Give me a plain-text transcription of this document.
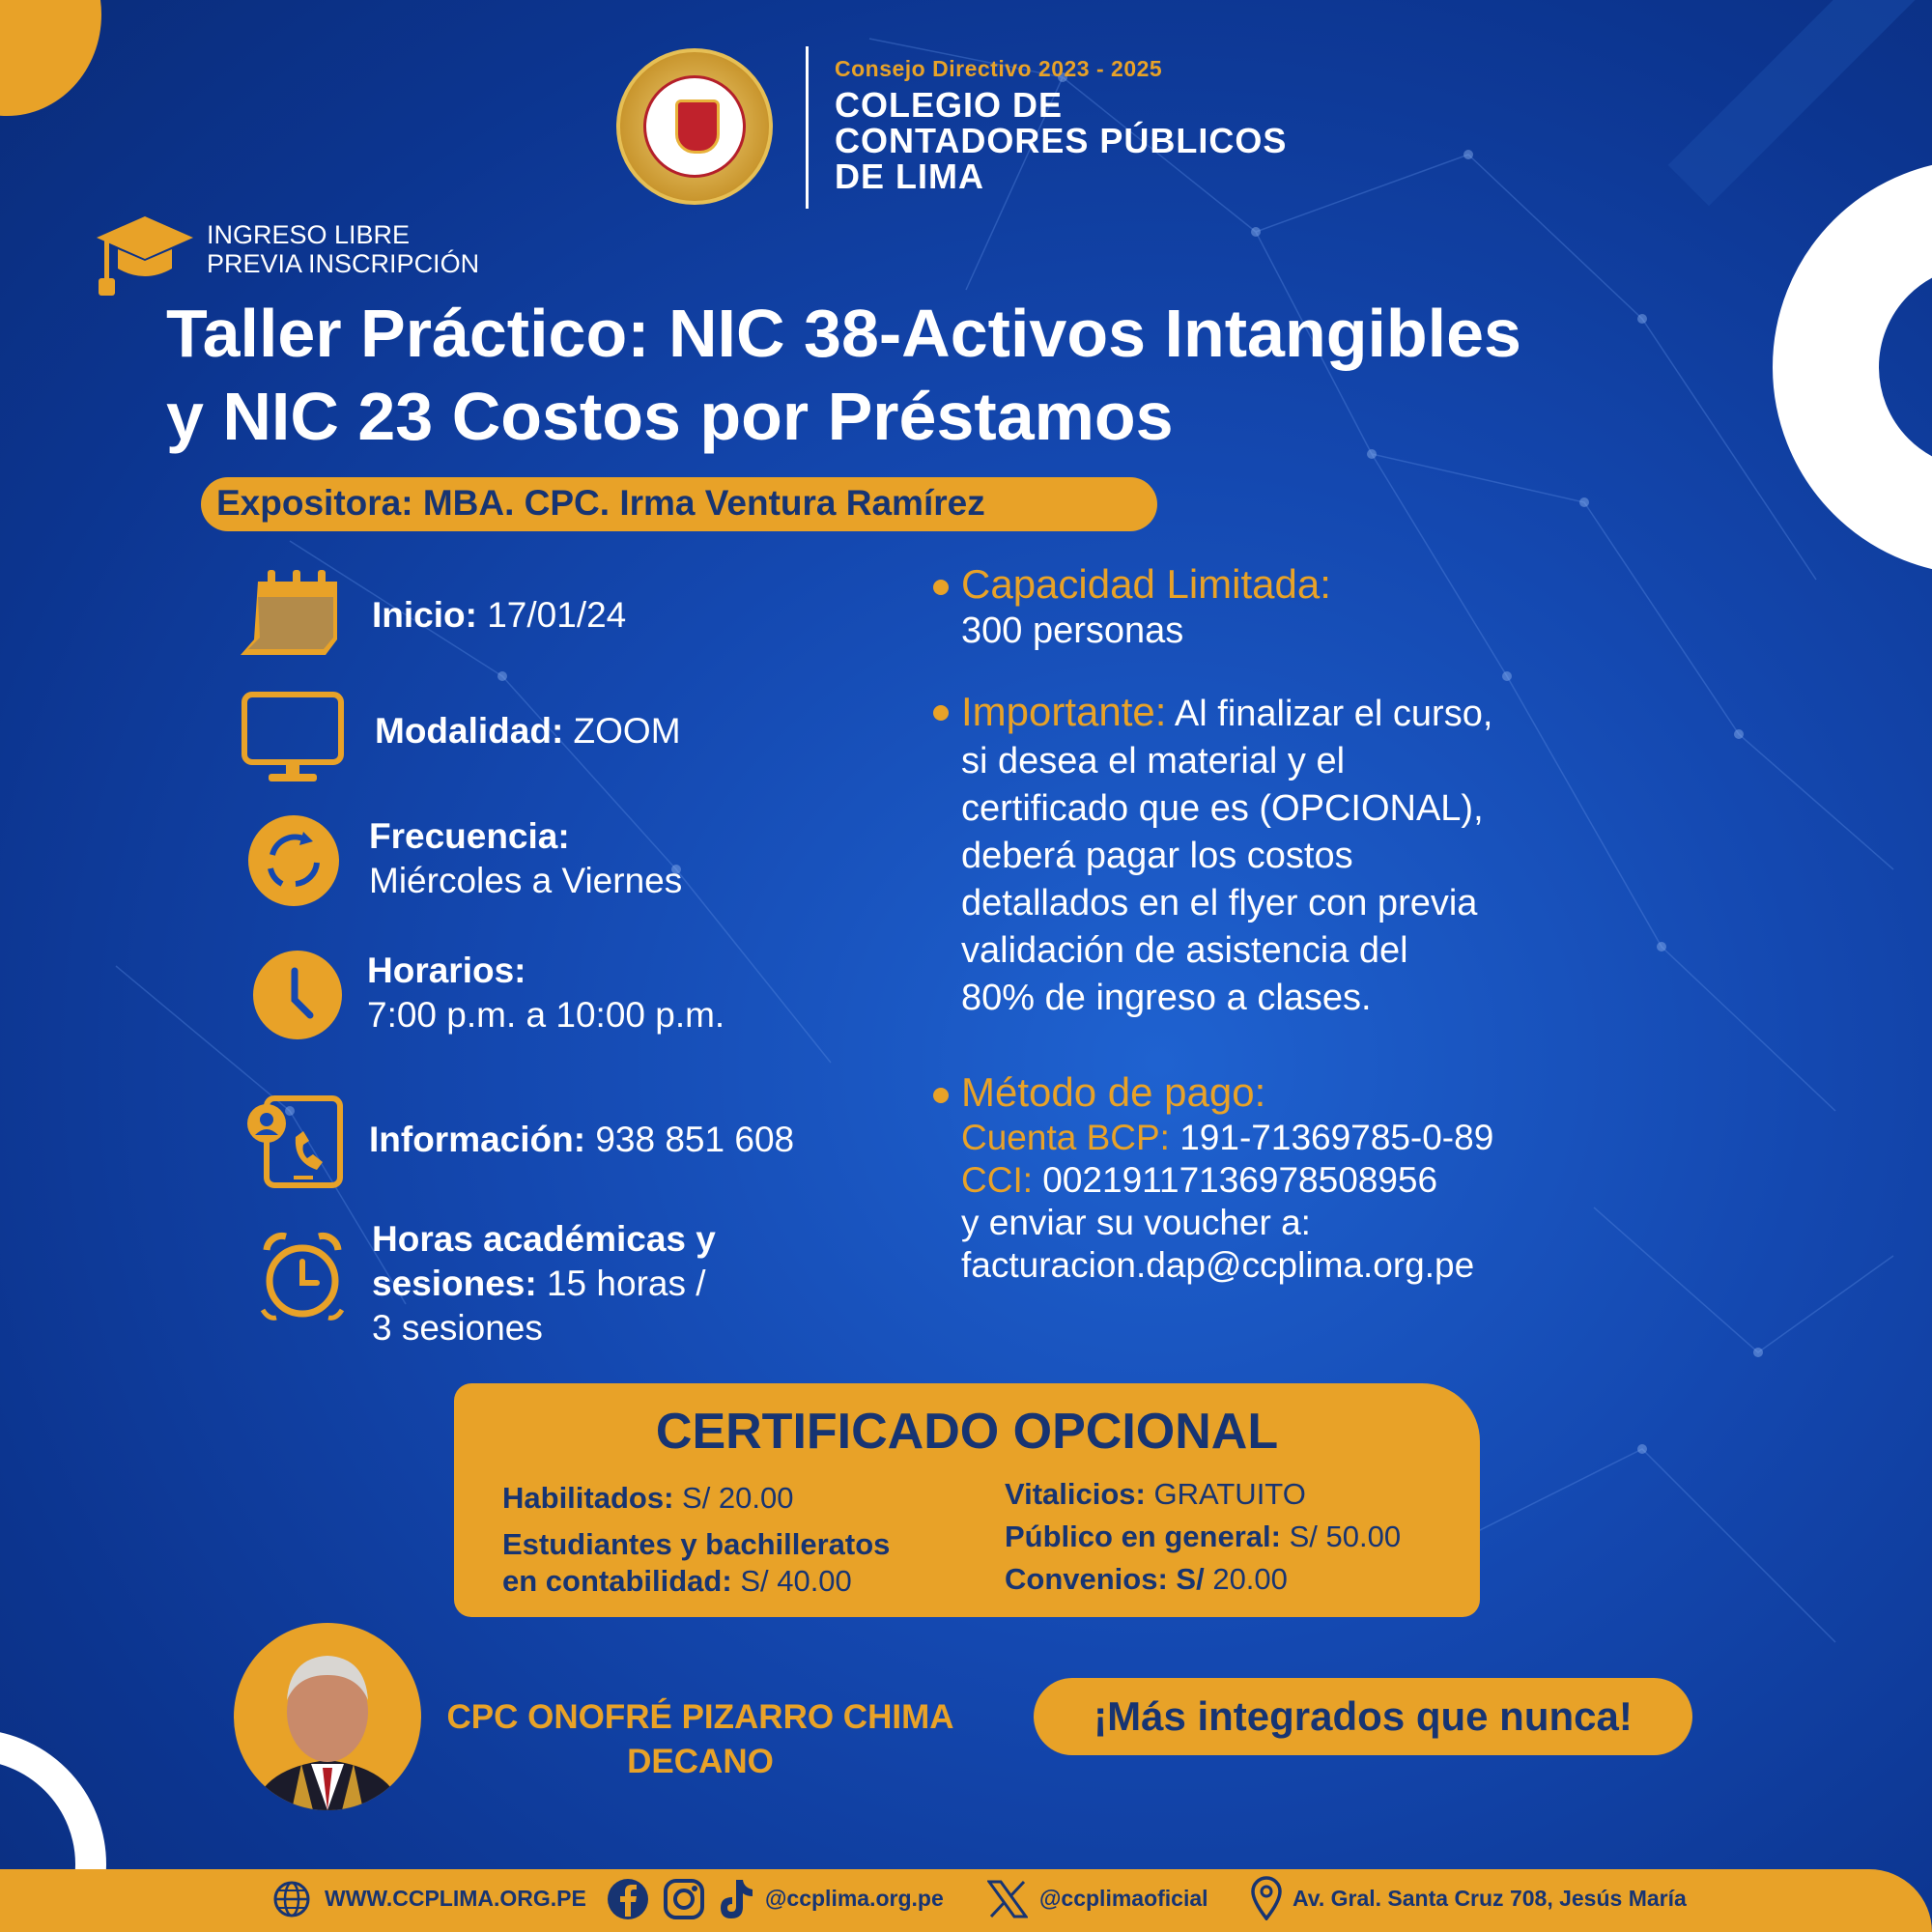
Consejo Directivo 2023 - 2025
COLEGIO DE
CONTADORES PÚBLICOS
DE LIMA
INGRESO LIBRE
PREVIA INSCRIPCIÓN
Taller Práctico: NIC 38-Activos Intangibles
y NIC 23 Costos por Préstamos
Expositora: MBA. CPC. Irma Ventura Ramírez
Inicio: 17/01/24
Modalidad: ZOOM
Frecuencia:
Miércoles a Viernes
Horarios:
7:00 p.m. a 10:00 p.m.
Información: 938 851 608
Horas académicas y
sesiones: 15 horas /
3 sesiones
Capacidad Limitada:
300 personas
Importante: Al finalizar el curso,
si desea el material y el
certificado que es (OPCIONAL),
deberá pagar los costos
detallados en el flyer con previa
validación de asistencia del
80% de ingreso a clases.
Método de pago:
Cuenta BCP: 191-71369785-0-89
CCI: 00219117136978508956
y enviar su voucher a:
facturacion.dap@ccplima.org.pe
CERTIFICADO OPCIONAL
Habilitados: S/ 20.00
Estudiantes y bachilleratos
en contabilidad: S/ 40.00
Vitalicios: GRATUITO
Público en general: S/ 50.00
Convenios: S/ 20.00
CPC ONOFRÉ PIZARRO CHIMA
DECANO
¡Más integrados que nunca!
WWW.CCPLIMA.ORG.PE	@ccplima.org.pe	@ccplimaoficial	Av. Gral. Santa Cruz 708, Jesús María
